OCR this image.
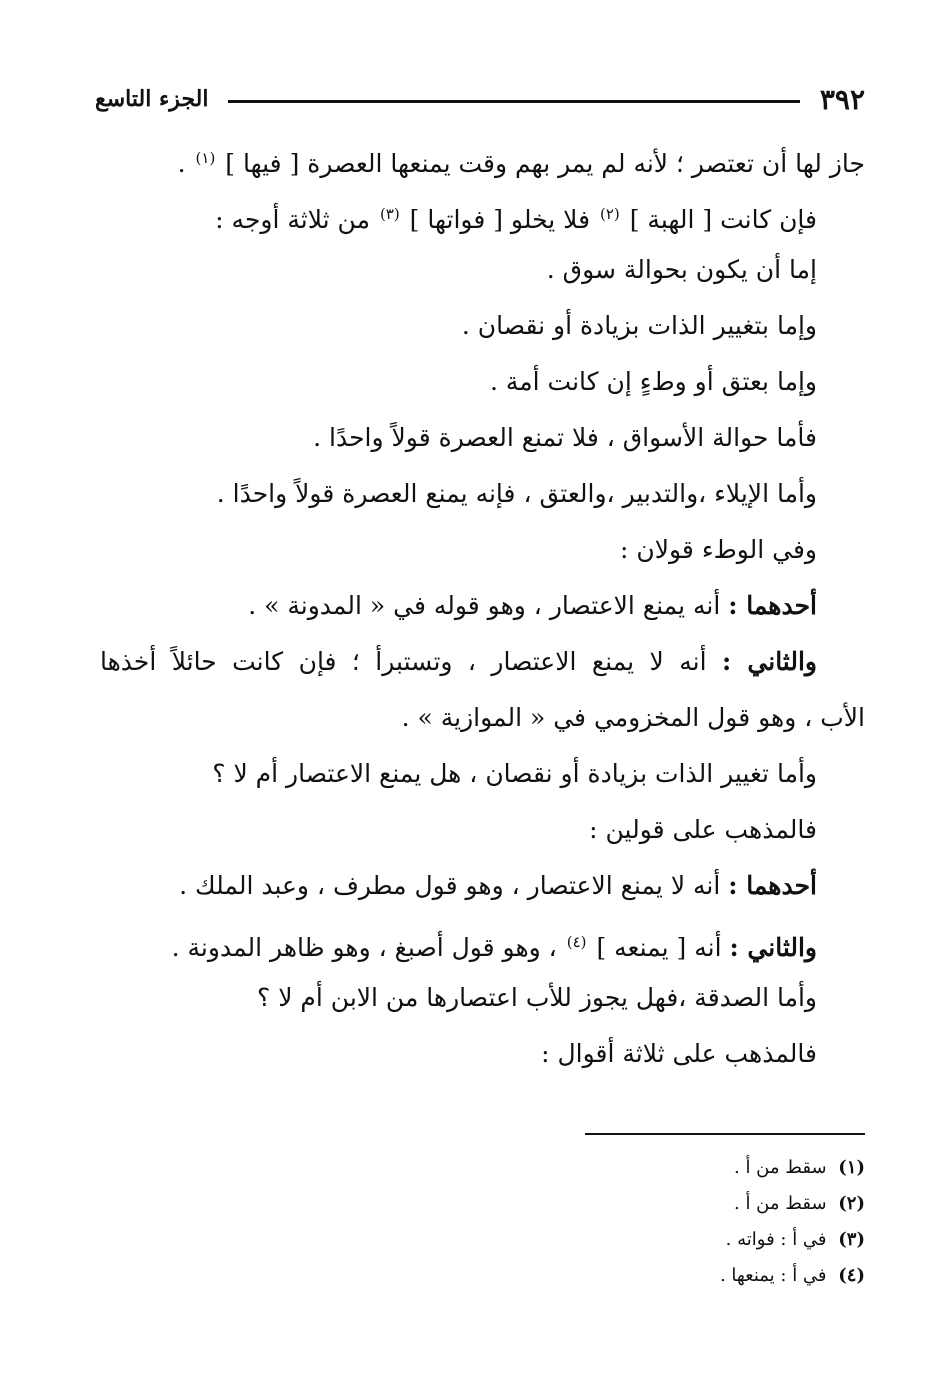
٣٩٢
الجزء التاسع
جاز لها أن تعتصر ؛ لأنه لم يمر بهم وقت يمنعها العصرة [ فيها ] $^{(١)}$ .
فإن كانت [ الهبة ] $^{(٢)}$ فلا يخلو [ فواتها ] $^{(٣)}$ من ثلاثة أوجه :
إما أن يكون بحوالة سوق .
وإما بتغيير الذات بزيادة أو نقصان .
وإما بعتق أو وطءٍ إن كانت أمة .
فأما حوالة الأسواق ، فلا تمنع العصرة قولاً واحدًا .
وأما الإيلاء ،والتدبير ،والعتق ، فإنه يمنع العصرة قولاً واحدًا .
وفي الوطء قولان :
أحدهما : أنه يمنع الاعتصار ، وهو قوله في « المدونة » .
والثاني : أنه لا يمنع الاعتصار ، وتستبرأ ؛ فإن كانت حائلاً أخذها
الأب ، وهو قول المخزومي في « الموازية » .
وأما تغيير الذات بزيادة أو نقصان ، هل يمنع الاعتصار أم لا ؟
فالمذهب على قولين :
أحدهما : أنه لا يمنع الاعتصار ، وهو قول مطرف ، وعبد الملك .
والثاني : أنه [ يمنعه ] $^{(٤)}$ ، وهو قول أصبغ ، وهو ظاهر المدونة .
وأما الصدقة ،فهل يجوز للأب اعتصارها من الابن أم لا ؟
فالمذهب على ثلاثة أقوال :
(١) سقط من أ .
(٢) سقط من أ .
(٣) في أ : فواته .
(٤) في أ : يمنعها .
